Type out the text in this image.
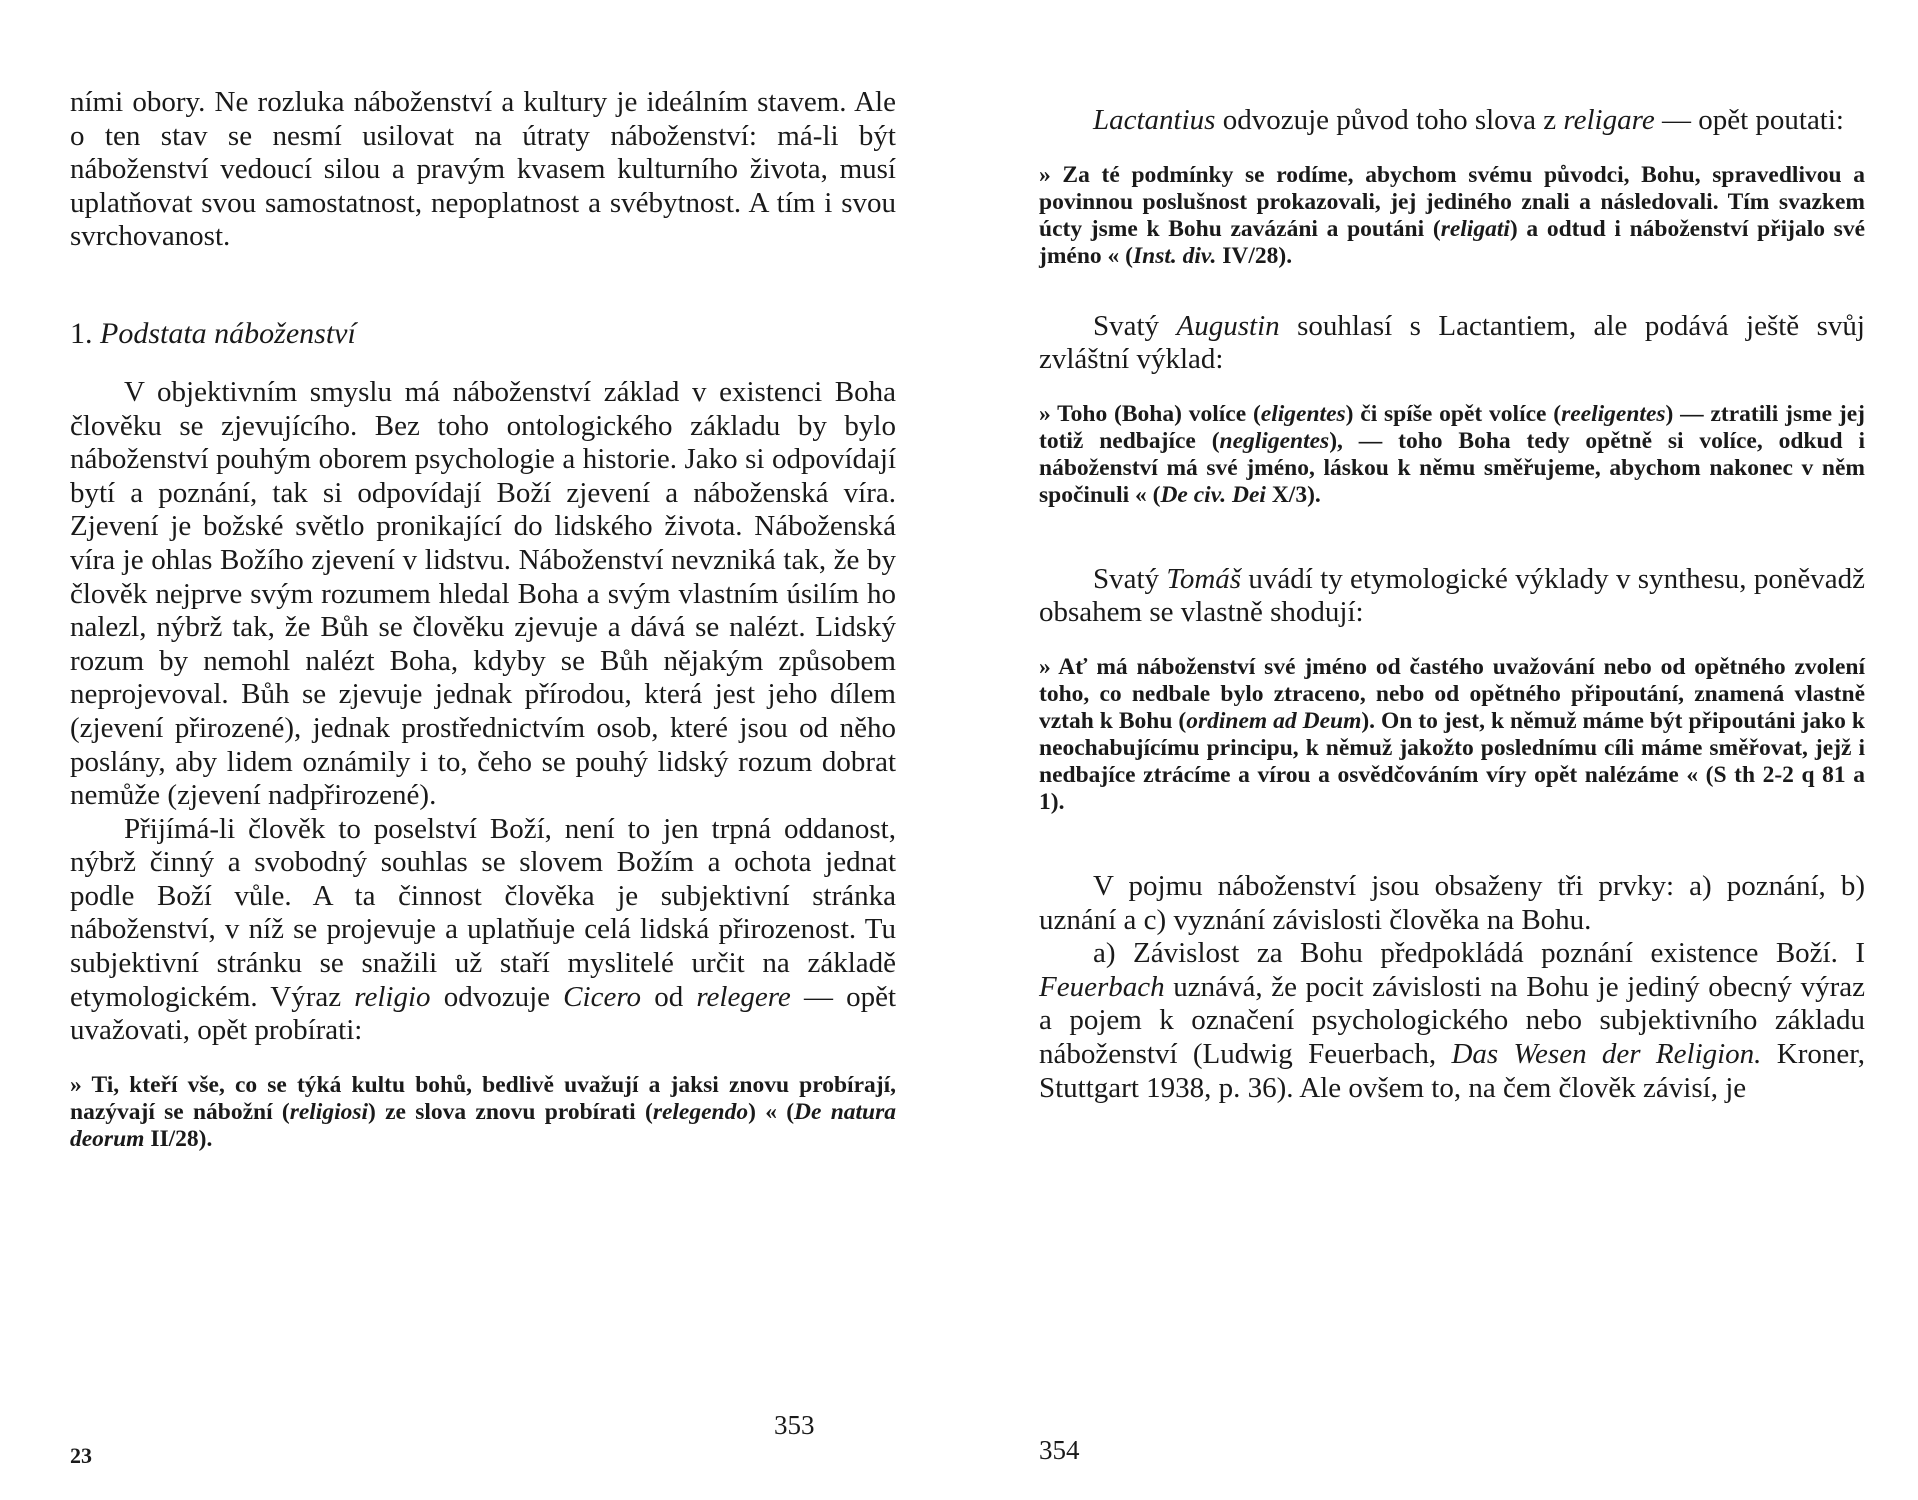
ními obory. Ne rozluka náboženství a kultury je ideálním stavem. Ale o ten stav se nesmí usilovat na útraty náboženství: má-li být náboženství vedoucí silou a pravým kvasem kulturního života, musí uplatňovat svou samostatnost, nepoplatnost a svébytnost. A tím i svou svrchovanost.

1. Podstata náboženství

V objektivním smyslu má náboženství základ v existenci Boha člověku se zjevujícího. Bez toho ontologického základu by bylo náboženství pouhým oborem psychologie a historie. Jako si odpovídají bytí a poznání, tak si odpovídají Boží zjevení a náboženská víra. Zjevení je božské světlo pronikající do lidského života. Náboženská víra je ohlas Božího zjevení v lidstvu. Náboženství nevzniká tak, že by člověk nejprve svým rozumem hledal Boha a svým vlastním úsilím ho nalezl, nýbrž tak, že Bůh se člověku zjevuje a dává se nalézt. Lidský rozum by nemohl nalézt Boha, kdyby se Bůh nějakým způsobem neprojevoval. Bůh se zjevuje jednak přírodou, která jest jeho dílem (zjevení přirozené), jednak prostřednictvím osob, které jsou od něho poslány, aby lidem oznámily i to, čeho se pouhý lidský rozum dobrat nemůže (zjevení nadpřirozené).

Přijímá-li člověk to poselství Boží, není to jen trpná oddanost, nýbrž činný a svobodný souhlas se slovem Božím a ochota jednat podle Boží vůle. A ta činnost člověka je subjektivní stránka náboženství, v níž se projevuje a uplatňuje celá lidská přirozenost. Tu subjektivní stránku se snažili už staří myslitelé určit na základě etymologickém. Výraz religio odvozuje Cicero od relegere — opět uvažovati, opět probírati:

» Ti, kteří vše, co se týká kultu bohů, bedlivě uvažují a jaksi znovu probírají, nazývají se nábožní (religiosi) ze slova znovu probírati (relegendo) « (De natura deorum II/28).

353
23

Lactantius odvozuje původ toho slova z religare — opět poutati:

» Za té podmínky se rodíme, abychom svému původci, Bohu, spravedlivou a povinnou poslušnost prokazovali, jej jediného znali a následovali. Tím svazkem úcty jsme k Bohu zavázáni a poutáni (religati) a odtud i náboženství přijalo své jméno « (Inst. div. IV/28).

Svatý Augustin souhlasí s Lactantiem, ale podává ještě svůj zvláštní výklad:

» Toho (Boha) volíce (eligentes) či spíše opět volíce (reeligentes) — ztratili jsme jej totiž nedbajíce (negligentes), — toho Boha tedy opětně si volíce, odkud i náboženství má své jméno, láskou k němu směřujeme, abychom nakonec v něm spočinuli « (De civ. Dei X/3).

Svatý Tomáš uvádí ty etymologické výklady v synthesu, poněvadž obsahem se vlastně shodují:

» Ať má náboženství své jméno od častého uvažování nebo od opětného zvolení toho, co nedbale bylo ztraceno, nebo od opětného připoutání, znamená vlastně vztah k Bohu (ordinem ad Deum). On to jest, k němuž máme být připoutáni jako k neochabujícímu principu, k němuž jakožto poslednímu cíli máme směřovat, jejž i nedbajíce ztrácíme a vírou a osvědčováním víry opět nalézáme « (S th 2-2 q 81 a 1).

V pojmu náboženství jsou obsaženy tři prvky: a) poznání, b) uznání a c) vyznání závislosti člověka na Bohu.

a) Závislost za Bohu předpokládá poznání existence Boží. I Feuerbach uznává, že pocit závislosti na Bohu je jediný obecný výraz a pojem k označení psychologického nebo subjektivního základu náboženství (Ludwig Feuerbach, Das Wesen der Religion. Kroner, Stuttgart 1938, p. 36). Ale ovšem to, na čem člověk závisí, je

354
